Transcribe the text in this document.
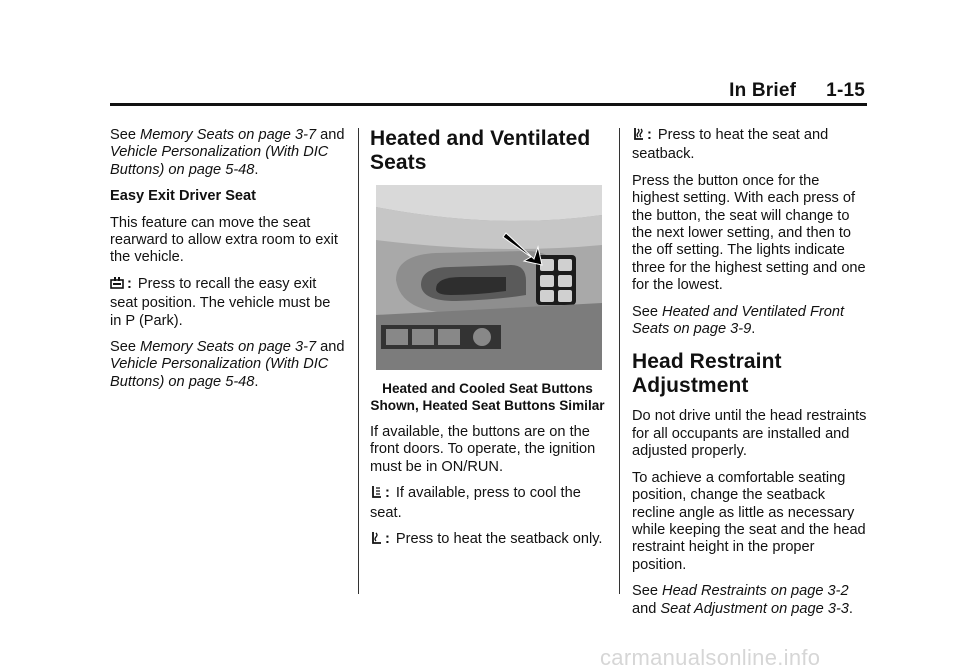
In Brief 1-15

See Memory Seats on page 3-7 and Vehicle Personalization (With DIC Buttons) on page 5-48.

Easy Exit Driver Seat

This feature can move the seat rearward to allow extra room to exit the vehicle.

: Press to recall the easy exit seat position. The vehicle must be in P (Park).

See Memory Seats on page 3-7 and Vehicle Personalization (With DIC Buttons) on page 5-48.

Heated and Ventilated Seats

Heated and Cooled Seat Buttons Shown, Heated Seat Buttons Similar

If available, the buttons are on the front doors. To operate, the ignition must be in ON/RUN.

: If available, press to cool the seat.

: Press to heat the seatback only.

: Press to heat the seat and seatback.

Press the button once for the highest setting. With each press of the button, the seat will change to the next lower setting, and then to the off setting. The lights indicate three for the highest setting and one for the lowest.

See Heated and Ventilated Front Seats on page 3-9.

Head Restraint Adjustment

Do not drive until the head restraints for all occupants are installed and adjusted properly.

To achieve a comfortable seating position, change the seatback recline angle as little as necessary while keeping the seat and the head restraint height in the proper position.

See Head Restraints on page 3-2 and Seat Adjustment on page 3-3.

carmanualsonline.info
